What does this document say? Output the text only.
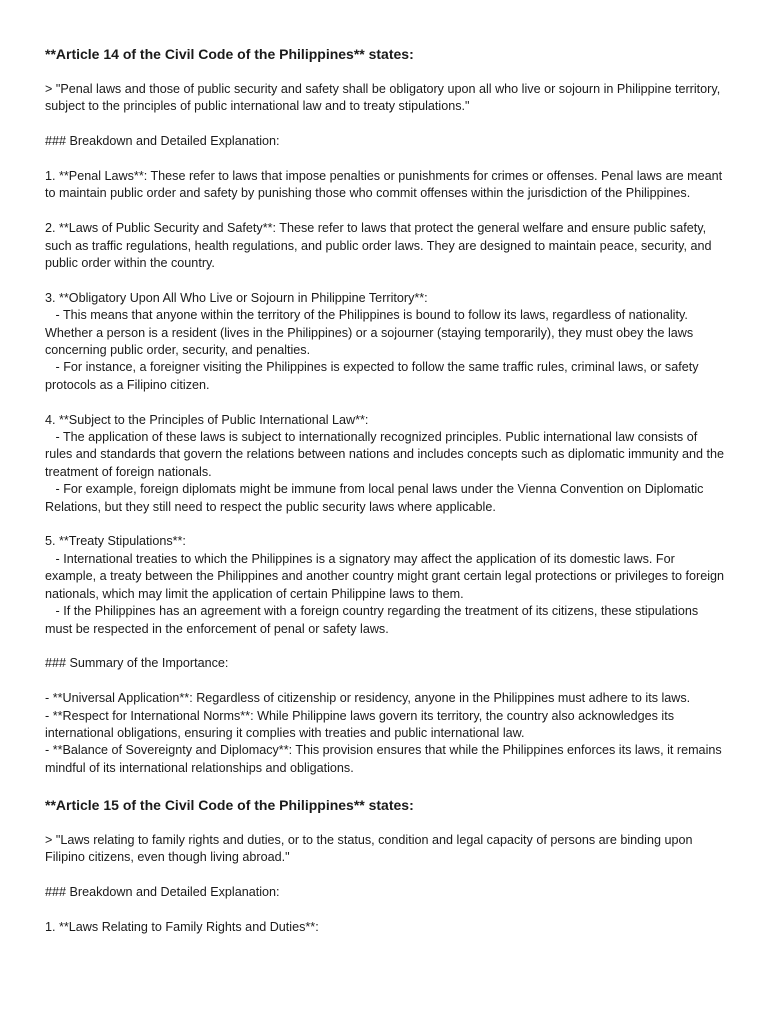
**Article 14 of the Civil Code of the Philippines** states:
> "Penal laws and those of public security and safety shall be obligatory upon all who live or sojourn in Philippine territory, subject to the principles of public international law and to treaty stipulations."
### Breakdown and Detailed Explanation:
1. **Penal Laws**: These refer to laws that impose penalties or punishments for crimes or offenses. Penal laws are meant to maintain public order and safety by punishing those who commit offenses within the jurisdiction of the Philippines.
2. **Laws of Public Security and Safety**: These refer to laws that protect the general welfare and ensure public safety, such as traffic regulations, health regulations, and public order laws. They are designed to maintain peace, security, and public order within the country.
3. **Obligatory Upon All Who Live or Sojourn in Philippine Territory**:
- This means that anyone within the territory of the Philippines is bound to follow its laws, regardless of nationality. Whether a person is a resident (lives in the Philippines) or a sojourner (staying temporarily), they must obey the laws concerning public order, security, and penalties.
- For instance, a foreigner visiting the Philippines is expected to follow the same traffic rules, criminal laws, or safety protocols as a Filipino citizen.
4. **Subject to the Principles of Public International Law**:
- The application of these laws is subject to internationally recognized principles. Public international law consists of rules and standards that govern the relations between nations and includes concepts such as diplomatic immunity and the treatment of foreign nationals.
- For example, foreign diplomats might be immune from local penal laws under the Vienna Convention on Diplomatic Relations, but they still need to respect the public security laws where applicable.
5. **Treaty Stipulations**:
- International treaties to which the Philippines is a signatory may affect the application of its domestic laws. For example, a treaty between the Philippines and another country might grant certain legal protections or privileges to foreign nationals, which may limit the application of certain Philippine laws to them.
- If the Philippines has an agreement with a foreign country regarding the treatment of its citizens, these stipulations must be respected in the enforcement of penal or safety laws.
### Summary of the Importance:
- **Universal Application**: Regardless of citizenship or residency, anyone in the Philippines must adhere to its laws.
- **Respect for International Norms**: While Philippine laws govern its territory, the country also acknowledges its international obligations, ensuring it complies with treaties and public international law.
- **Balance of Sovereignty and Diplomacy**: This provision ensures that while the Philippines enforces its laws, it remains mindful of its international relationships and obligations.
**Article 15 of the Civil Code of the Philippines** states:
> "Laws relating to family rights and duties, or to the status, condition and legal capacity of persons are binding upon Filipino citizens, even though living abroad."
### Breakdown and Detailed Explanation:
1. **Laws Relating to Family Rights and Duties**:
